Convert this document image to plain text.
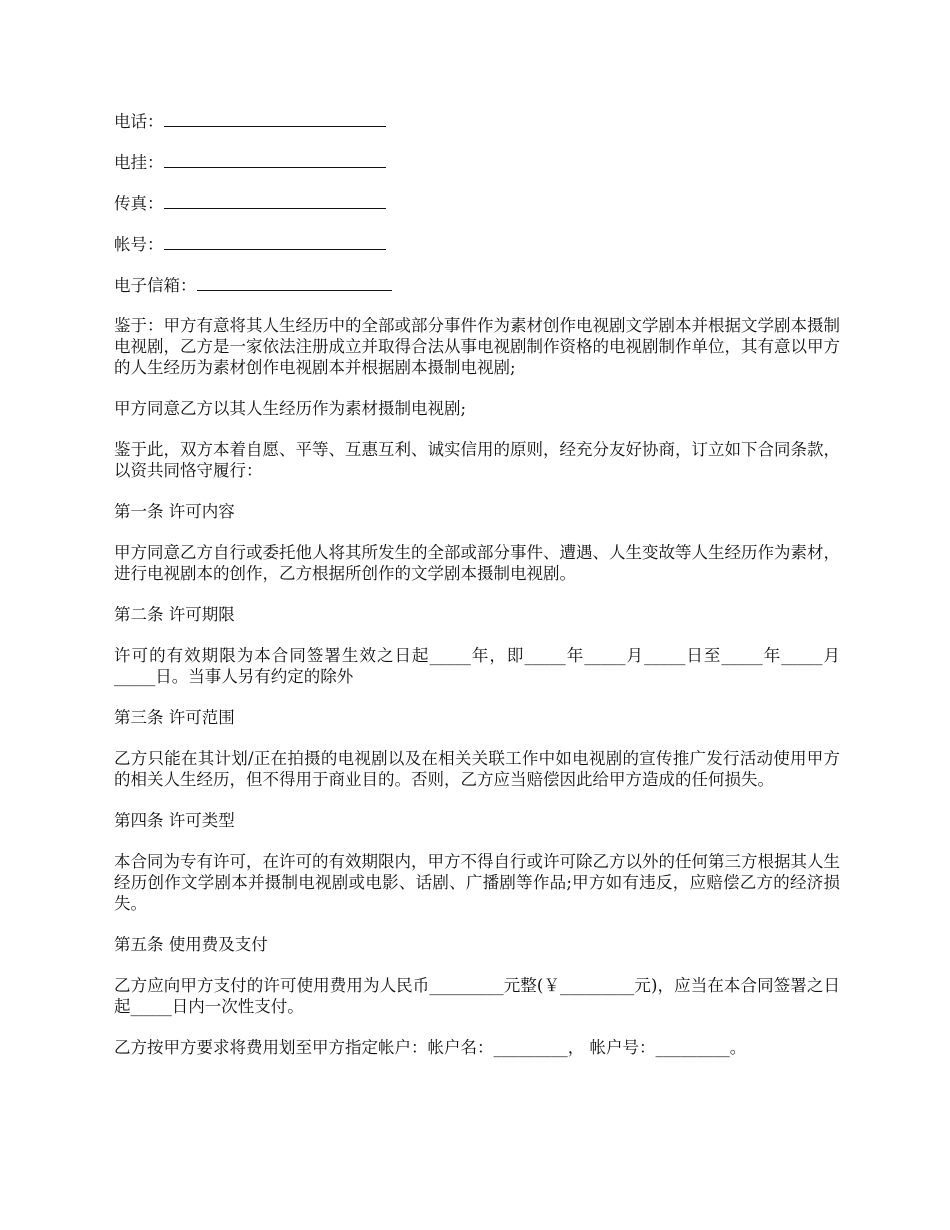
电话：
电挂：
传真：
帐号：
电子信箱：

鉴于：甲方有意将其人生经历中的全部或部分事件作为素材创作电视剧文学剧本并根据文学剧本摄制电视剧，乙方是一家依法注册成立并取得合法从事电视剧制作资格的电视剧制作单位，其有意以甲方的人生经历为素材创作电视剧本并根据剧本摄制电视剧;

甲方同意乙方以其人生经历作为素材摄制电视剧;

鉴于此，双方本着自愿、平等、互惠互利、诚实信用的原则，经充分友好协商，订立如下合同条款，以资共同恪守履行：

第一条 许可内容

甲方同意乙方自行或委托他人将其所发生的全部或部分事件、遭遇、人生变故等人生经历作为素材，进行电视剧本的创作，乙方根据所创作的文学剧本摄制电视剧。

第二条 许可期限

许可的有效期限为本合同签署生效之日起_____年，即_____年_____月_____日至_____年_____月_____日。当事人另有约定的除外

第三条 许可范围

乙方只能在其计划/正在拍摄的电视剧以及在相关关联工作中如电视剧的宣传推广发行活动使用甲方的相关人生经历，但不得用于商业目的。否则，乙方应当赔偿因此给甲方造成的任何损失。

第四条 许可类型

本合同为专有许可，在许可的有效期限内，甲方不得自行或许可除乙方以外的任何第三方根据其人生经历创作文学剧本并摄制电视剧或电影、话剧、广播剧等作品;甲方如有违反，应赔偿乙方的经济损失。

第五条 使用费及支付

乙方应向甲方支付的许可使用费用为人民币_________元整(￥_________元)，应当在本合同签署之日起_____日内一次性支付。

乙方按甲方要求将费用划至甲方指定帐户：帐户名：_________， 帐户号：_________。
